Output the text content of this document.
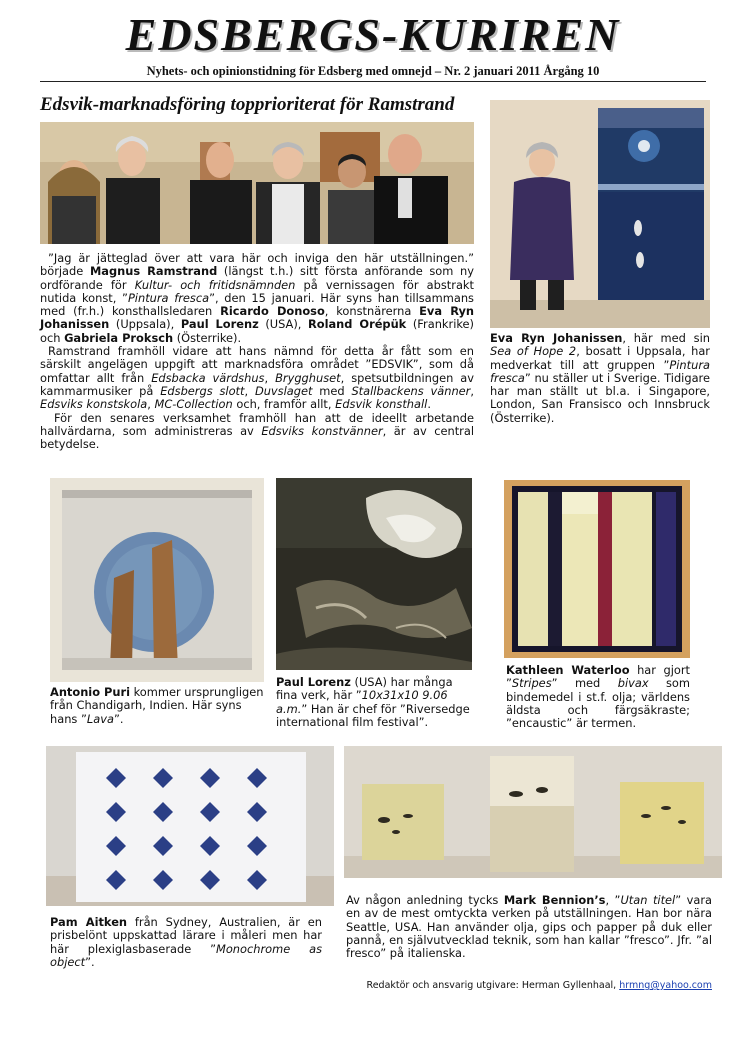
EDSBERGS-KURIREN
Nyhets- och opinionstidning för Edsberg med omnejd – Nr. 2 januari 2011 Årgång 10
Edsvik-marknadsföring topprioriterat för Ramstrand
”Jag är jätteglad över att vara här och inviga den här utställningen.” började Magnus Ramstrand (längst t.h.) sitt första anförande som ny ordförande för Kultur- och fritidsnämnden på vernissagen för abstrakt nutida konst, ”Pintura fresca”, den 15 januari. Här syns han tillsammans med (fr.h.) konsthallsledaren Ricardo Donoso, konstnärerna Eva Ryn Johanissen (Uppsala), Paul Lorenz (USA), Roland Orépük (Frankrike) och Gabriela Proksch (Österrike).
Ramstrand framhöll vidare att hans nämnd för detta år fått som en särskilt angelägen uppgift att marknadsföra området ”EDSVIK”, som då omfattar allt från Edsbacka värdshus, Brygghuset, spetsutbildningen av kammarmusiker på Edsbergs slott, Duvslaget med Stallbackens vänner, Edsviks konstskola, MC-Collection och, framför allt, Edsvik konsthall.
För den senares verksamhet framhöll han att de ideellt arbetande hallvärdarna, som administreras av Edsviks konstvänner, är av central betydelse.
Eva Ryn Johanissen, här med sin Sea of Hope 2, bosatt i Uppsala, har medverkat till att gruppen ”Pintura fresca” nu ställer ut i Sverige. Tidigare har man ställt ut bl.a. i Singapore, London, San Fransisco och Innsbruck (Österrike).
Antonio Puri kommer ursprungligen från Chandigarh, Indien. Här syns hans ”Lava”.
Paul Lorenz (USA) har många fina verk, här ”10x31x10 9.06 a.m.” Han är chef för ”Riversedge international film festival”.
Kathleen Waterloo har gjort ”Stripes” med bivax som bindemedel i st.f. olja; världens äldsta och färgsäkraste; ”encaustic” är termen.
Pam Aitken från Sydney, Australien, är en prisbelönt uppskattad lärare i måleri men har här plexiglasbaserade ”Monochrome as object”.
Av någon anledning tycks Mark Bennion’s, ”Utan titel” vara en av de mest omtyckta verken på utställningen. Han bor nära Seattle, USA. Han använder olja, gips och papper på duk eller pannå, en självutvecklad teknik, som han kallar ”fresco”. Jfr. ”al fresco” på italienska.
Redaktör och ansvarig utgivare: Herman Gyllenhaal, hrmng@yahoo.com
